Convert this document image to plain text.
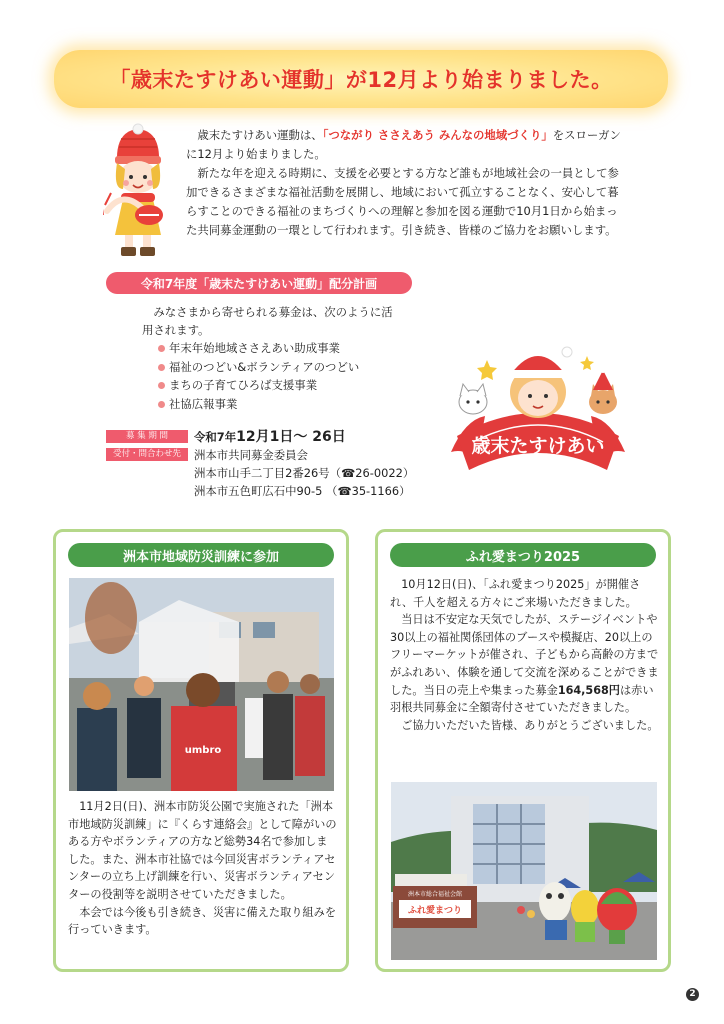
「歳末たすけあい運動」が12月より始まりました。

歳末たすけあい運動は、「つながり ささえあう みんなの地域づくり」をスローガンに12月より始まりました。

新たな年を迎える時期に、支援を必要とする方など誰もが地域社会の一員として参加できるさまざまな福祉活動を展開し、地域において孤立することなく、安心して暮らすことのできる福祉のまちづくりへの理解と参加を図る運動で10月1日から始まった共同募金運動の一環として行われます。引き続き、皆様のご協力をお願いします。

令和7年度「歳末たすけあい運動」配分計画
みなさまから寄せられる募金は、次のように活用されます。
年末年始地域ささえあい助成事業
福祉のつどい&ボランティアのつどい
まちの子育てひろば支援事業
社協広報事業
募 集 期 間	令和7年12月1日～ 26日
受付・問合わせ先	洲本市共同募金委員会
洲本市山手二丁目2番26号（☎26-0022）
洲本市五色町広石中90-5 （☎35-1166）
歳末たすけあい
洲本市地域防災訓練に参加
umbro

11月2日(日)、洲本市防災公園で実施された「洲本市地域防災訓練」に『くらす連絡会』として障がいのある方やボランティアの方など総勢34名で参加しました。また、洲本市社協では今回災害ボランティアセンターの立ち上げ訓練を行い、災害ボランティアセンターの役割等を説明させていただきました。

本会では今後も引き続き、災害に備えた取り組みを行っていきます。

ふれ愛まつり2025

10月12日(日)、「ふれ愛まつり2025」が開催され、千人を超える方々にご来場いただきました。

当日は不安定な天気でしたが、ステージイベントや30以上の福祉関係団体のブースや模擬店、20以上のフリーマーケットが催され、子どもから高齢の方までがふれあい、体験を通して交流を深めることができました。当日の売上や集まった募金164,568円は赤い羽根共同募金に全額寄付させていただきました。

ご協力いただいた皆様、ありがとうございました。

洲本市総合福祉会館
ふれ愛まつり
2
